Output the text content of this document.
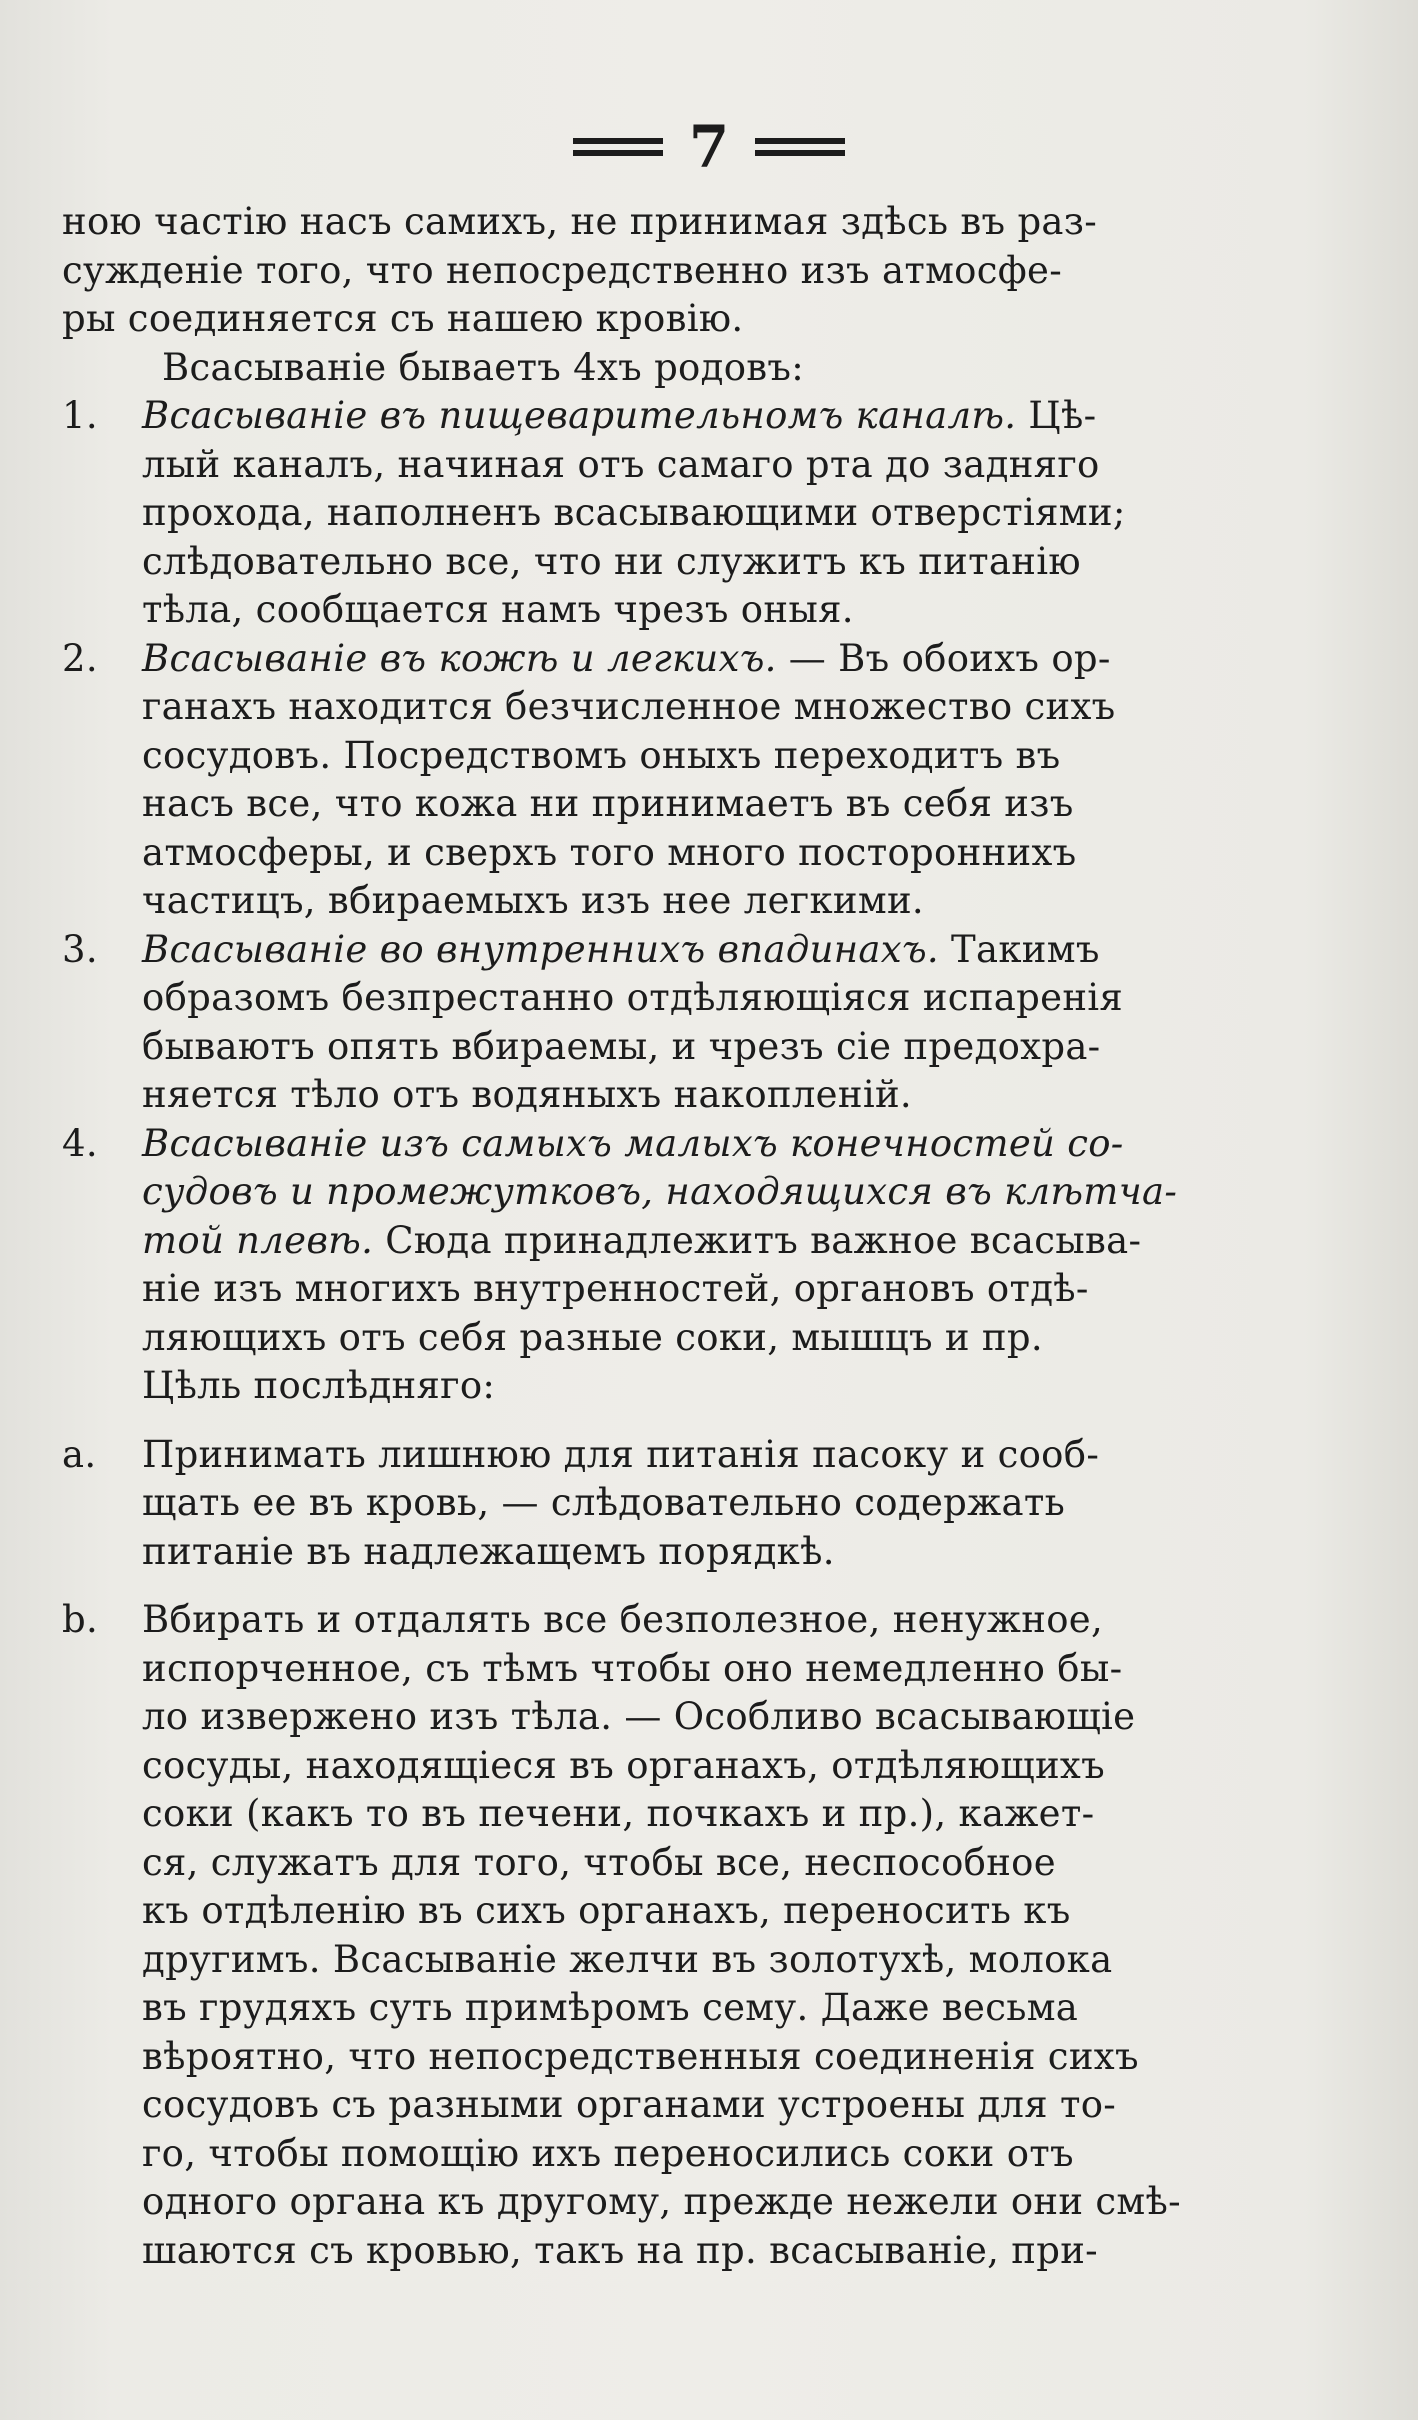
7
ною частію насъ самихъ, не принимая здѣсь въ раз-
сужденіе того, что непосредственно изъ атмосфе-
ры соединяется съ нашею кровію.
Всасываніе бываетъ 4хъ родовъ:
1. Всасываніе въ пищеварительномъ каналѣ. Цѣ-
лый каналъ, начиная отъ самаго рта до задняго
прохода, наполненъ всасывающими отверстіями;
слѣдовательно все, что ни служитъ къ питанію
тѣла, сообщается намъ чрезъ оныя.
2. Всасываніе въ кожѣ и легкихъ. — Въ обоихъ ор-
ганахъ находится безчисленное множество сихъ
сосудовъ. Посредствомъ оныхъ переходитъ въ
насъ все, что кожа ни принимаетъ въ себя изъ
атмосферы, и сверхъ того много постороннихъ
частицъ, вбираемыхъ изъ нее легкими.
3. Всасываніе во внутреннихъ впадинахъ. Такимъ
образомъ безпрестанно отдѣляющіяся испаренія
бываютъ опять вбираемы, и чрезъ сіе предохра-
няется тѣло отъ водяныхъ накопленій.
4. Всасываніе изъ самыхъ малыхъ конечностей со-
судовъ и промежутковъ, находящихся въ клѣтча-
той плевѣ. Сюда принадлежитъ важное всасыва-
ніе изъ многихъ внутренностей, органовъ отдѣ-
ляющихъ отъ себя разные соки, мышцъ и пр.
Цѣль послѣдняго:
a. Принимать лишнюю для питанія пасоку и сооб-
щать ее въ кровь, — слѣдовательно содержать
питаніе въ надлежащемъ порядкѣ.
b. Вбирать и отдалять все безполезное, ненужное,
испорченное, съ тѣмъ чтобы оно немедленно бы-
ло извержено изъ тѣла. — Особливо всасывающіе
сосуды, находящіеся въ органахъ, отдѣляющихъ
соки (какъ то въ печени, почкахъ и пр.), кажет-
ся, служатъ для того, чтобы все, неспособное
къ отдѣленію въ сихъ органахъ, переносить къ
другимъ. Всасываніе желчи въ золотухѣ, молока
въ грудяхъ суть примѣромъ сему. Даже весьма
вѣроятно, что непосредственныя соединенія сихъ
сосудовъ съ разными органами устроены для то-
го, чтобы помощію ихъ переносились соки отъ
одного органа къ другому, прежде нежели они смѣ-
шаются съ кровью, такъ на пр. всасываніе, при-
